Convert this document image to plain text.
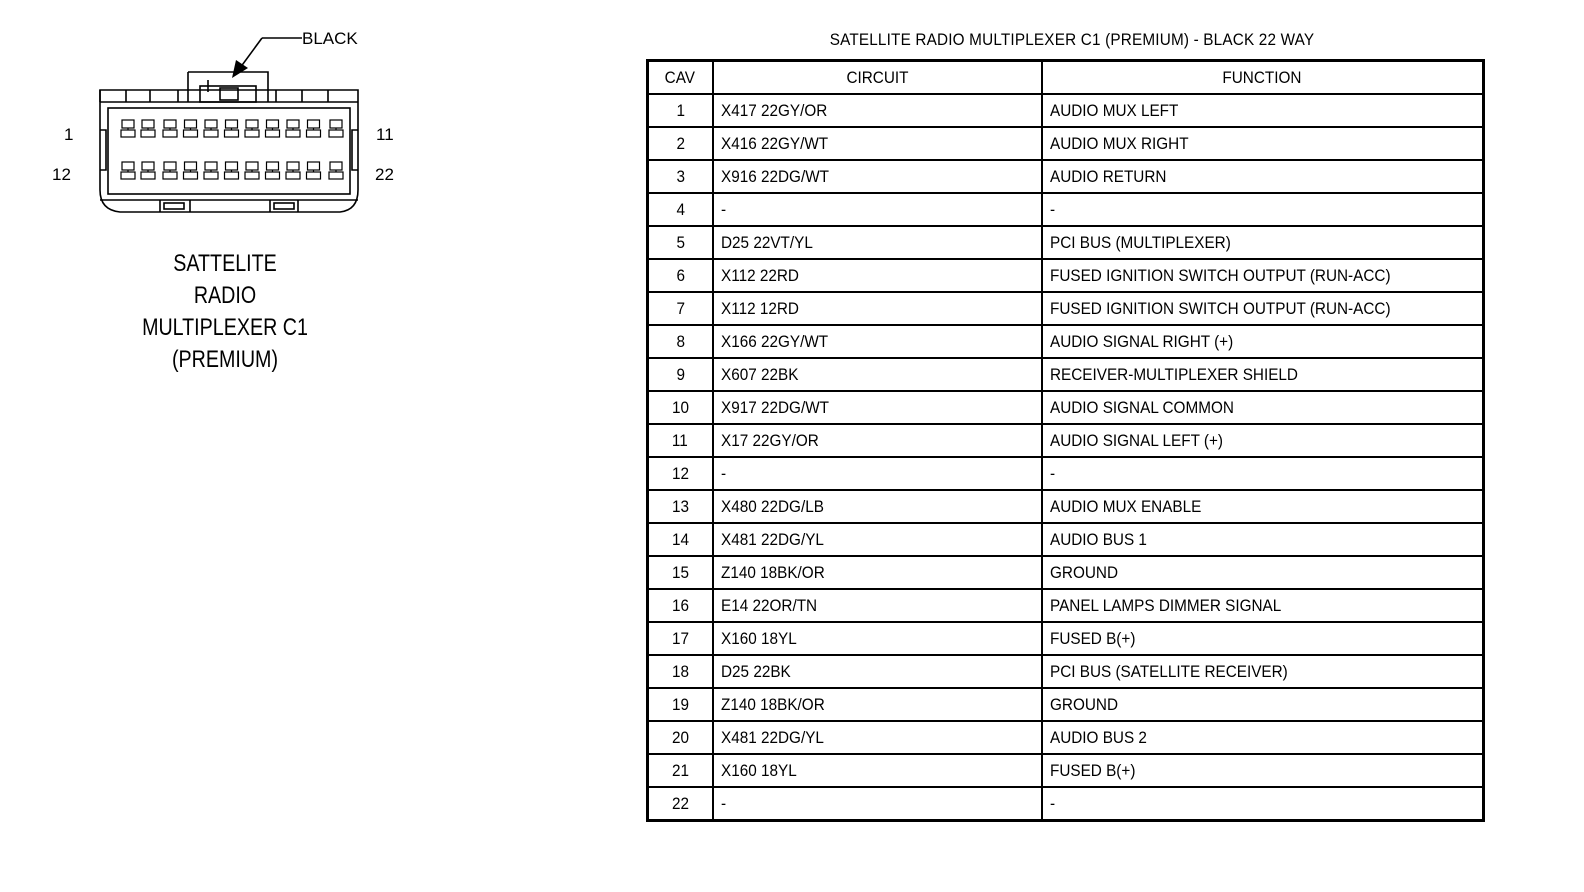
BLACK
1
12
11
22
SATTELITE
RADIO
MULTIPLEXER C1
(PREMIUM)
SATELLITE RADIO MULTIPLEXER C1 (PREMIUM) - BLACK 22 WAY
CAV	CIRCUIT	FUNCTION
1	X417 22GY/OR	AUDIO MUX LEFT
2	X416 22GY/WT	AUDIO MUX RIGHT
3	X916 22DG/WT	AUDIO RETURN
4	-	-
5	D25 22VT/YL	PCI BUS (MULTIPLEXER)
6	X112 22RD	FUSED IGNITION SWITCH OUTPUT (RUN-ACC)
7	X112 12RD	FUSED IGNITION SWITCH OUTPUT (RUN-ACC)
8	X166 22GY/WT	AUDIO SIGNAL RIGHT (+)
9	X607 22BK	RECEIVER-MULTIPLEXER SHIELD
10	X917 22DG/WT	AUDIO SIGNAL COMMON
11	X17 22GY/OR	AUDIO SIGNAL LEFT (+)
12	-	-
13	X480 22DG/LB	AUDIO MUX ENABLE
14	X481 22DG/YL	AUDIO BUS 1
15	Z140 18BK/OR	GROUND
16	E14 22OR/TN	PANEL LAMPS DIMMER SIGNAL
17	X160 18YL	FUSED B(+)
18	D25 22BK	PCI BUS (SATELLITE RECEIVER)
19	Z140 18BK/OR	GROUND
20	X481 22DG/YL	AUDIO BUS 2
21	X160 18YL	FUSED B(+)
22	-	-
